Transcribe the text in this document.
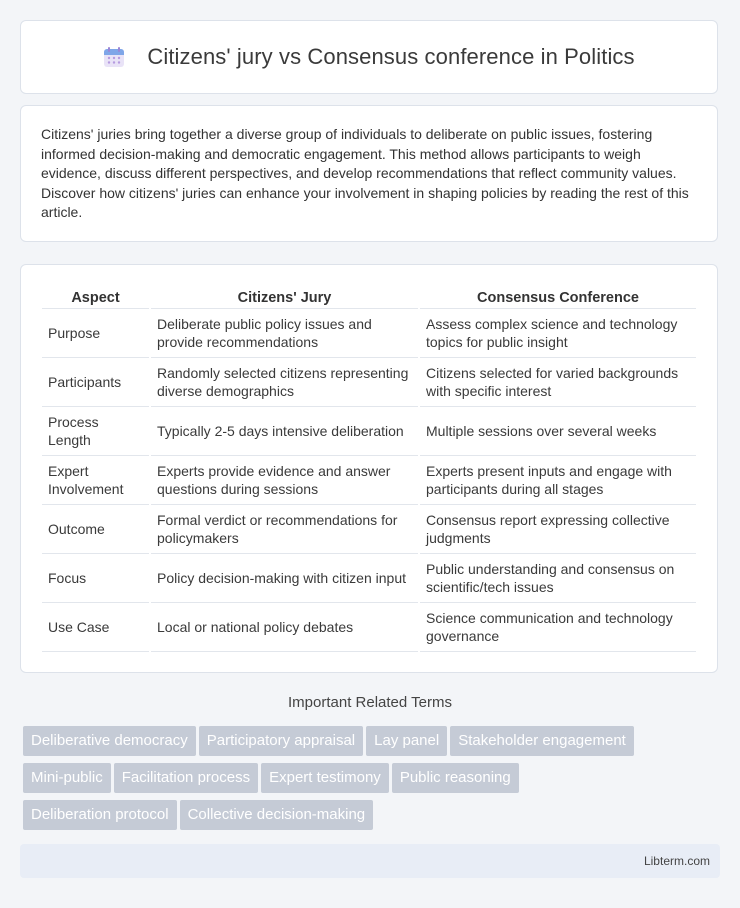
Citizens' jury vs Consensus conference in Politics

Citizens' juries bring together a diverse group of individuals to deliberate on public issues, fostering informed decision-making and democratic engagement. This method allows participants to weigh evidence, discuss different perspectives, and develop recommendations that reflect community values. Discover how citizens' juries can enhance your involvement in shaping policies by reading the rest of this article.

Aspect	Citizens' Jury	Consensus Conference
Purpose	Deliberate public policy issues and provide recommendations	Assess complex science and technology topics for public insight
Participants	Randomly selected citizens representing diverse demographics	Citizens selected for varied backgrounds with specific interest
Process Length	Typically 2-5 days intensive deliberation	Multiple sessions over several weeks
Expert Involvement	Experts provide evidence and answer questions during sessions	Experts present inputs and engage with participants during all stages
Outcome	Formal verdict or recommendations for policymakers	Consensus report expressing collective judgments
Focus	Policy decision-making with citizen input	Public understanding and consensus on scientific/tech issues
Use Case	Local or national policy debates	Science communication and technology governance
Important Related Terms
Deliberative democracy Participatory appraisal Lay panel Stakeholder engagement
Mini-public Facilitation process Expert testimony Public reasoning
Deliberation protocol Collective decision-making
Libterm.com
